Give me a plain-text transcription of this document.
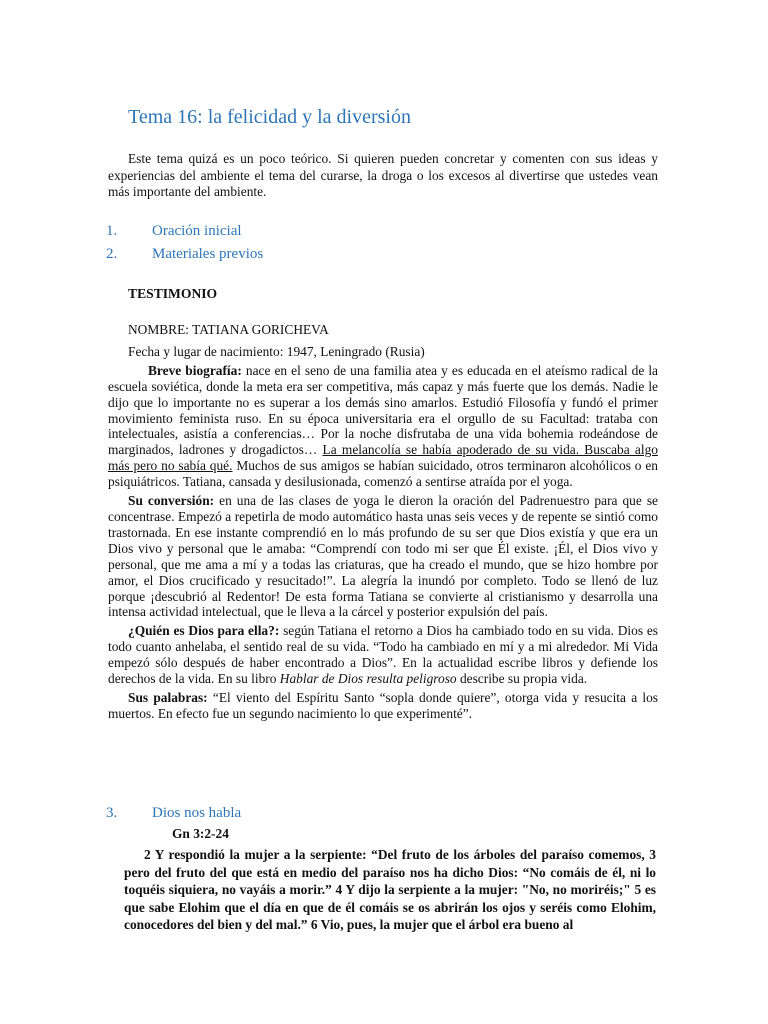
Tema 16: la felicidad y la diversión

Este tema quizá es un poco teórico. Si quieren pueden concretar y comenten con sus ideas y experiencias del ambiente el tema del curarse, la droga o los excesos al divertirse que ustedes vean más importante del ambiente.

1. Oración inicial
2. Materiales previos

TESTIMONIO

NOMBRE: TATIANA GORICHEVA

Fecha y lugar de nacimiento: 1947, Leningrado (Rusia)

Breve biografía: nace en el seno de una familia atea y es educada en el ateísmo radical de la escuela soviética, donde la meta era ser competitiva, más capaz y más fuerte que los demás. Nadie le dijo que lo importante no es superar a los demás sino amarlos. Estudió Filosofía y fundó el primer movimiento feminista ruso. En su época universitaria era el orgullo de su Facultad: trataba con intelectuales, asistía a conferencias… Por la noche disfrutaba de una vida bohemia rodeándose de marginados, ladrones y drogadictos… La melancolía se había apoderado de su vida. Buscaba algo más pero no sabía qué. Muchos de sus amigos se habían suicidado, otros terminaron alcohólicos o en psiquiátricos. Tatiana, cansada y desilusionada, comenzó a sentirse atraída por el yoga.

Su conversión: en una de las clases de yoga le dieron la oración del Padrenuestro para que se concentrase. Empezó a repetirla de modo automático hasta unas seis veces y de repente se sintió como trastornada. En ese instante comprendió en lo más profundo de su ser que Dios existía y que era un Dios vivo y personal que le amaba: “Comprendí con todo mi ser que Él existe. ¡Él, el Dios vivo y personal, que me ama a mí y a todas las criaturas, que ha creado el mundo, que se hizo hombre por amor, el Dios crucificado y resucitado!”. La alegría la inundó por completo. Todo se llenó de luz porque ¡descubrió al Redentor! De esta forma Tatiana se convierte al cristianismo y desarrolla una intensa actividad intelectual, que le lleva a la cárcel y posterior expulsión del país.

¿Quién es Dios para ella?: según Tatiana el retorno a Dios ha cambiado todo en su vida. Dios es todo cuanto anhelaba, el sentido real de su vida. “Todo ha cambiado en mí y a mi alrededor. Mi Vida empezó sólo después de haber encontrado a Dios”. En la actualidad escribe libros y defiende los derechos de la vida. En su libro Hablar de Dios resulta peligroso describe su propia vida.

Sus palabras: “El viento del Espíritu Santo “sopla donde quiere”, otorga vida y resucita a los muertos. En efecto fue un segundo nacimiento lo que experimenté”.

3. Dios nos habla

Gn 3:2-24

2 Y respondió la mujer a la serpiente: “Del fruto de los árboles del paraíso comemos, 3 pero del fruto del que está en medio del paraíso nos ha dicho Dios: “No comáis de él, ni lo toquéis siquiera, no vayáis a morir.” 4 Y dijo la serpiente a la mujer: "No, no moriréis;" 5 es que sabe Elohim que el día en que de él comáis se os abrirán los ojos y seréis como Elohim, conocedores del bien y del mal.” 6 Vio, pues, la mujer que el árbol era bueno al
